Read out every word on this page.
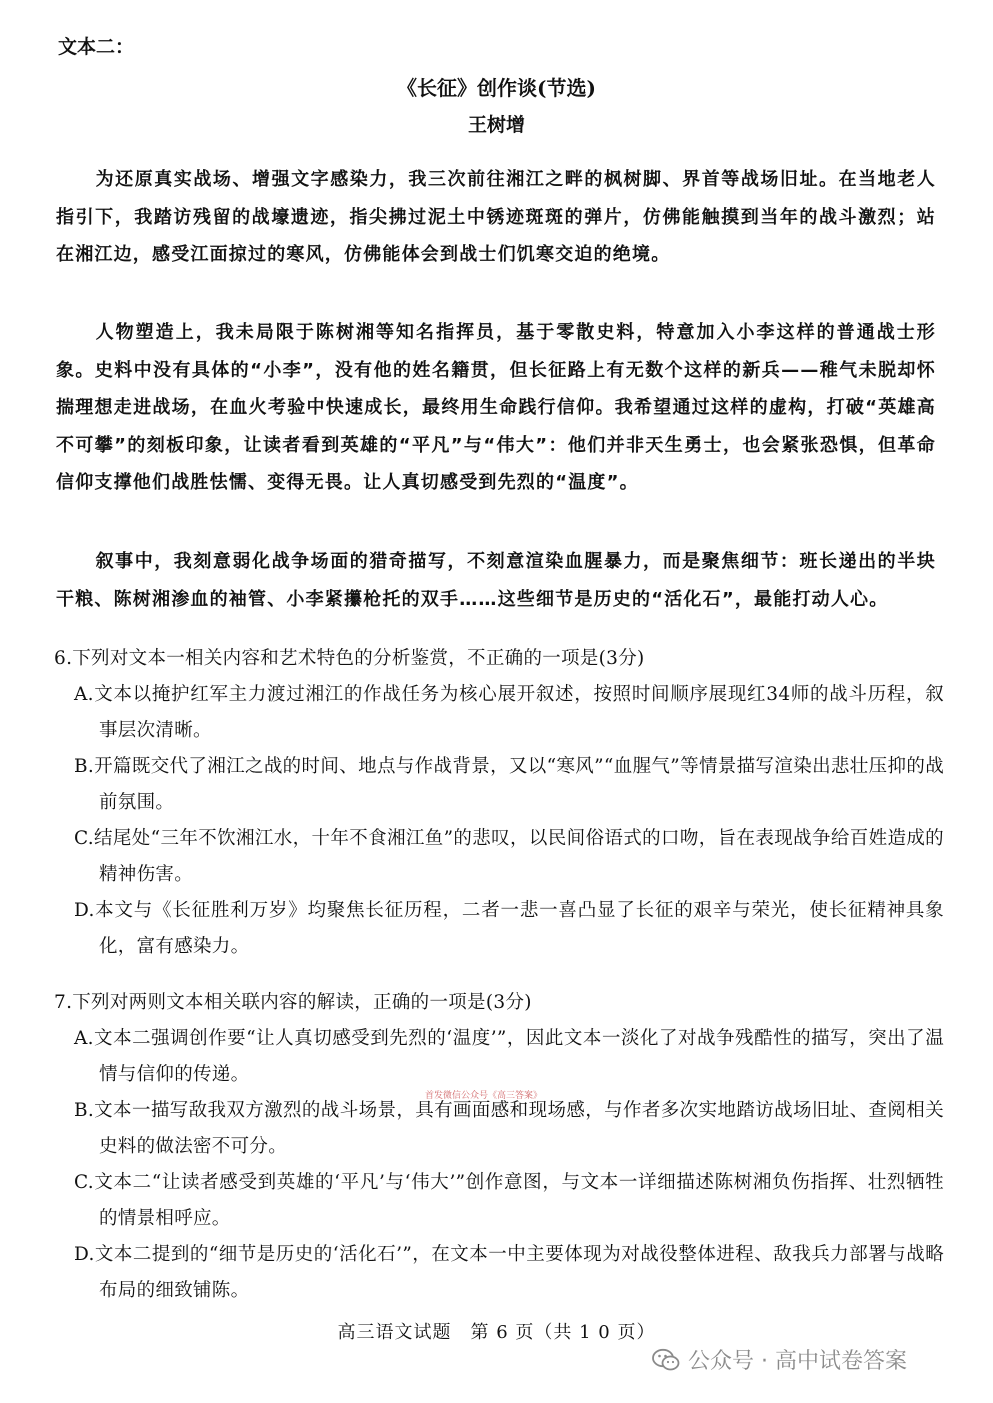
文本二：
《长征》创作谈(节选)
王树增

为还原真实战场、增强文字感染力，我三次前往湘江之畔的枫树脚、界首等战场旧址。在当地老人指引下，我踏访残留的战壕遗迹，指尖拂过泥土中锈迹斑斑的弹片，仿佛能触摸到当年的战斗激烈；站在湘江边，感受江面掠过的寒风，仿佛能体会到战士们饥寒交迫的绝境。

人物塑造上，我未局限于陈树湘等知名指挥员，基于零散史料，特意加入小李这样的普通战士形象。史料中没有具体的“小李”，没有他的姓名籍贯，但长征路上有无数个这样的新兵——稚气未脱却怀揣理想走进战场，在血火考验中快速成长，最终用生命践行信仰。我希望通过这样的虚构，打破“英雄高不可攀”的刻板印象，让读者看到英雄的“平凡”与“伟大”：他们并非天生勇士，也会紧张恐惧，但革命信仰支撑他们战胜怯懦、变得无畏。让人真切感受到先烈的“温度”。

叙事中，我刻意弱化战争场面的猎奇描写，不刻意渲染血腥暴力，而是聚焦细节：班长递出的半块干粮、陈树湘渗血的袖管、小李紧攥枪托的双手……这些细节是历史的“活化石”，最能打动人心。

6.下列对文本一相关内容和艺术特色的分析鉴赏，不正确的一项是(3分)

A.文本以掩护红军主力渡过湘江的作战任务为核心展开叙述，按照时间顺序展现红34师的战斗历程，叙事层次清晰。

B.开篇既交代了湘江之战的时间、地点与作战背景，又以“寒风”“血腥气”等情景描写渲染出悲壮压抑的战前氛围。

C.结尾处“三年不饮湘江水，十年不食湘江鱼”的悲叹，以民间俗语式的口吻，旨在表现战争给百姓造成的精神伤害。

D.本文与《长征胜利万岁》均聚焦长征历程，二者一悲一喜凸显了长征的艰辛与荣光，使长征精神具象化，富有感染力。

7.下列对两则文本相关联内容的解读，正确的一项是(3分)

A.文本二强调创作要“让人真切感受到先烈的‘温度’”，因此文本一淡化了对战争残酷性的描写，突出了温情与信仰的传递。

B.文本一描写敌我双方激烈的战斗场景，具有画面感和现场感，与作者多次实地踏访战场旧址、查阅相关史料的做法密不可分。

C.文本二“让读者感受到英雄的‘平凡’与‘伟大’”创作意图，与文本一详细描述陈树湘负伤指挥、壮烈牺牲的情景相呼应。

D.文本二提到的“细节是历史的‘活化石’”，在文本一中主要体现为对战役整体进程、敌我兵力部署与战略布局的细致铺陈。

首发微信公众号《高三答案》
高三语文试题　第 6 页（共 1 0 页）
公众号 · 高中试卷答案
